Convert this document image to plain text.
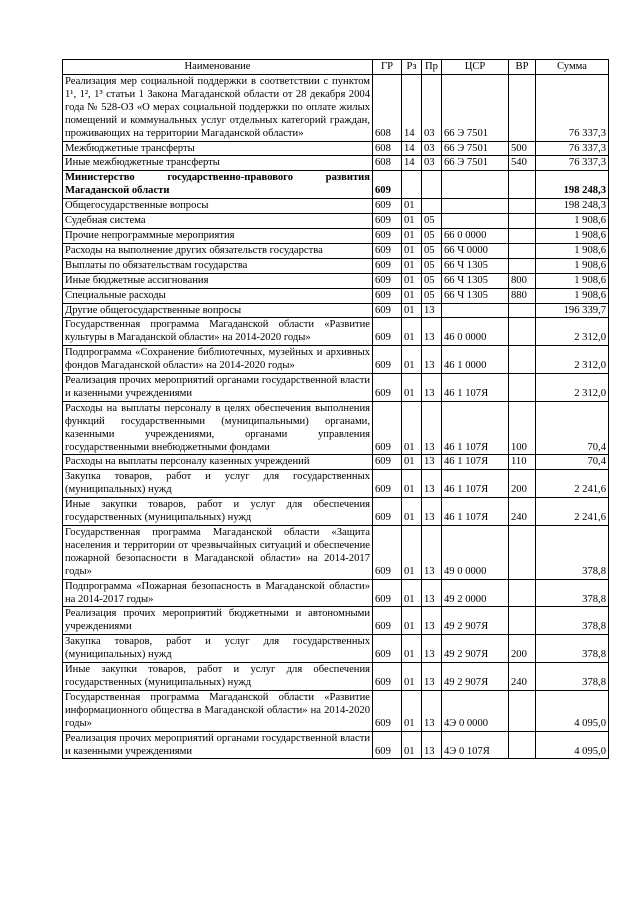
Наименование	ГР	Рз	Пр	ЦСР	ВР	Сумма
Реализация мер социальной поддержки в соответствии с пунктом 1¹, 1², 1³ статьи 1 Закона Магаданской области от 28 декабря 2004 года № 528-ОЗ «О мерах социальной поддержки по оплате жилых помещений и коммунальных услуг отдельных категорий граждан, проживающих на территории Магаданской области»	608	14	03	66 Э 7501		76 337,3
Межбюджетные трансферты	608	14	03	66 Э 7501	500	76 337,3
Иные межбюджетные трансферты	608	14	03	66 Э 7501	540	76 337,3
Министерство государственно-правового развития Магаданской области	609					198 248,3
Общегосударственные вопросы	609	01				198 248,3
Судебная система	609	01	05			1 908,6
Прочие непрограммные мероприятия	609	01	05	66 0 0000		1 908,6
Расходы на выполнение других обязательств государства	609	01	05	66 Ч 0000		1 908,6
Выплаты по обязательствам государства	609	01	05	66 Ч 1305		1 908,6
Иные бюджетные ассигнования	609	01	05	66 Ч 1305	800	1 908,6
Специальные расходы	609	01	05	66 Ч 1305	880	1 908,6
Другие общегосударственные вопросы	609	01	13			196 339,7
Государственная программа Магаданской области «Развитие культуры в Магаданской области» на 2014-2020 годы»	609	01	13	46 0 0000		2 312,0
Подпрограмма «Сохранение библиотечных, музейных и архивных фондов Магаданской области» на 2014-2020 годы»	609	01	13	46 1 0000		2 312,0
Реализация прочих мероприятий органами государственной власти и казенными учреждениями	609	01	13	46 1 107Я		2 312,0
Расходы на выплаты персоналу в целях обеспечения выполнения функций государственными (муниципальными) органами, казенными учреждениями, органами управления государственными внебюджетными фондами	609	01	13	46 1 107Я	100	70,4
Расходы на выплаты персоналу казенных учреждений	609	01	13	46 1 107Я	110	70,4
Закупка товаров, работ и услуг для государственных (муниципальных) нужд	609	01	13	46 1 107Я	200	2 241,6
Иные закупки товаров, работ и услуг для обеспечения государственных (муниципальных) нужд	609	01	13	46 1 107Я	240	2 241,6
Государственная программа Магаданской области «Защита населения и территории от чрезвычайных ситуаций и обеспечение пожарной безопасности в Магаданской области» на 2014-2017 годы»	609	01	13	49 0 0000		378,8
Подпрограмма «Пожарная безопасность в Магаданской области» на 2014-2017 годы»	609	01	13	49 2 0000		378,8
Реализация прочих мероприятий бюджетными и автономными учреждениями	609	01	13	49 2 907Я		378,8
Закупка товаров, работ и услуг для государственных (муниципальных) нужд	609	01	13	49 2 907Я	200	378,8
Иные закупки товаров, работ и услуг для обеспечения государственных (муниципальных) нужд	609	01	13	49 2 907Я	240	378,8
Государственная программа Магаданской области «Развитие информационного общества в Магаданской области» на 2014-2020 годы»	609	01	13	4Э 0 0000		4 095,0
Реализация прочих мероприятий органами государственной власти и казенными учреждениями	609	01	13	4Э 0 107Я		4 095,0
